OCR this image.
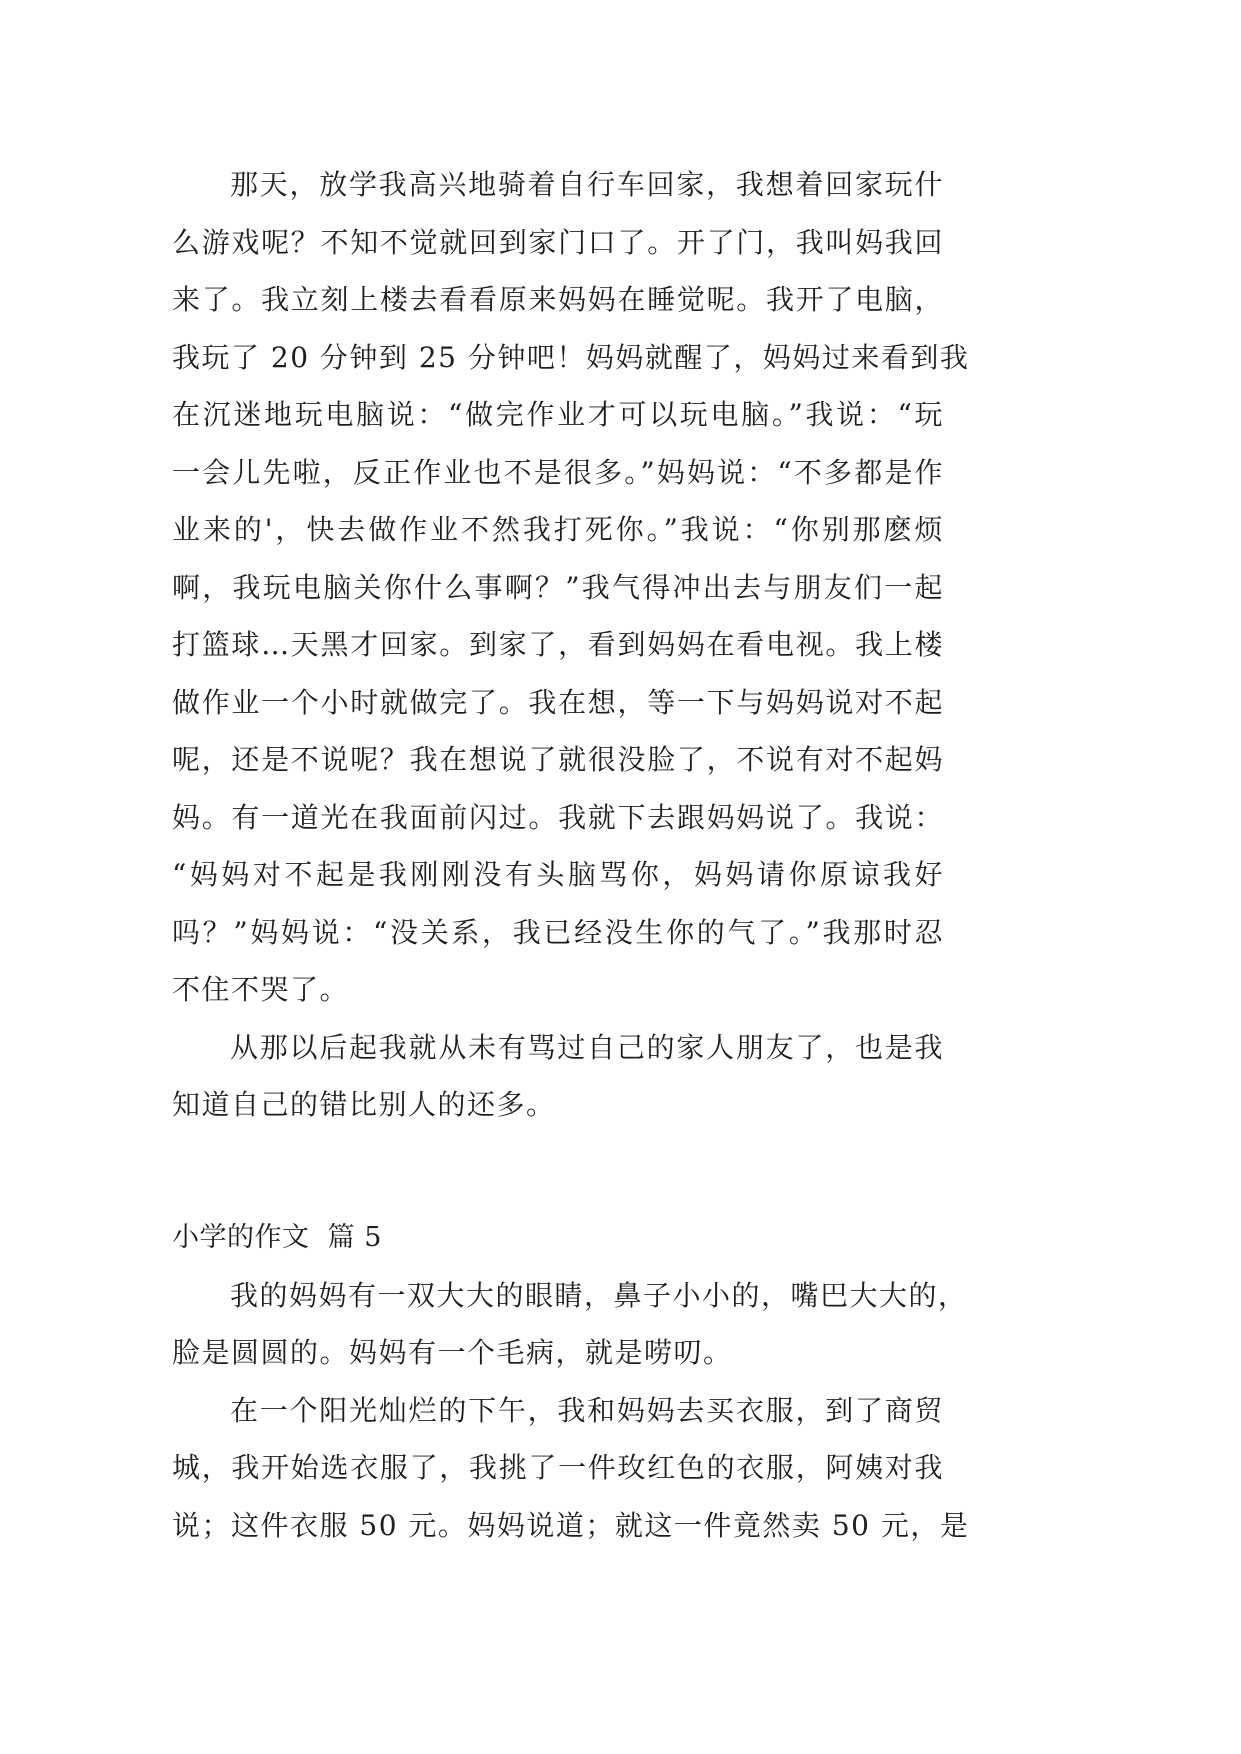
那天，放学我高兴地骑着自行车回家，我想着回家玩什
么游戏呢？不知不觉就回到家门口了。开了门，我叫妈我回
来了。我立刻上楼去看看原来妈妈在睡觉呢。我开了电脑，
我玩了 20 分钟到 25 分钟吧！妈妈就醒了，妈妈过来看到我
在沉迷地玩电脑说：“做完作业才可以玩电脑。”我说：“玩
一会儿先啦，反正作业也不是很多。”妈妈说：“不多都是作
业来的'，快去做作业不然我打死你。”我说：“你别那麽烦
啊，我玩电脑关你什么事啊？”我气得冲出去与朋友们一起
打篮球…天黑才回家。到家了，看到妈妈在看电视。我上楼
做作业一个小时就做完了。我在想，等一下与妈妈说对不起
呢，还是不说呢？我在想说了就很没脸了，不说有对不起妈
妈。有一道光在我面前闪过。我就下去跟妈妈说了。我说：
“妈妈对不起是我刚刚没有头脑骂你，妈妈请你原谅我好
吗？”妈妈说：“没关系，我已经没生你的气了。”我那时忍
不住不哭了。
从那以后起我就从未有骂过自己的家人朋友了，也是我
知道自己的错比别人的还多。
小学的作文  篇 5
我的妈妈有一双大大的眼睛，鼻子小小的，嘴巴大大的，
脸是圆圆的。妈妈有一个毛病，就是唠叨。
在一个阳光灿烂的下午，我和妈妈去买衣服，到了商贸
城，我开始选衣服了，我挑了一件玫红色的衣服，阿姨对我
说；这件衣服 50 元。妈妈说道；就这一件竟然卖 50 元，是
